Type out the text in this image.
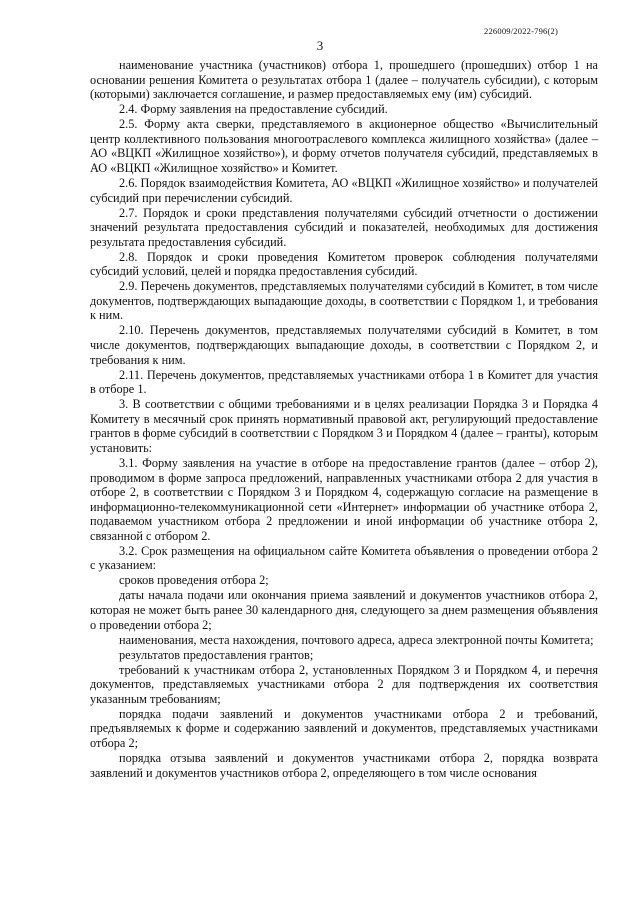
226009/2022-796(2)
3

наименование участника (участников) отбора 1, прошедшего (прошедших) отбор 1 на основании решения Комитета о результатах отбора 1 (далее – получатель субсидии), с которым (которыми) заключается соглашение, и размер предоставляемых ему (им) субсидий.

2.4. Форму заявления на предоставление субсидий.

2.5. Форму акта сверки, представляемого в акционерное общество «Вычислительный центр коллективного пользования многоотраслевого комплекса жилищного хозяйства» (далее – АО «ВЦКП «Жилищное хозяйство»), и форму отчетов получателя субсидий, представляемых в АО «ВЦКП «Жилищное хозяйство» и Комитет.

2.6. Порядок взаимодействия Комитета, АО «ВЦКП «Жилищное хозяйство» и получателей субсидий при перечислении субсидий.

2.7. Порядок и сроки представления получателями субсидий отчетности о достижении значений результата предоставления субсидий и показателей, необходимых для достижения результата предоставления субсидий.

2.8. Порядок и сроки проведения Комитетом проверок соблюдения получателями субсидий условий, целей и порядка предоставления субсидий.

2.9. Перечень документов, представляемых получателями субсидий в Комитет, в том числе документов, подтверждающих выпадающие доходы, в соответствии с Порядком 1, и требования к ним.

2.10. Перечень документов, представляемых получателями субсидий в Комитет, в том числе документов, подтверждающих выпадающие доходы, в соответствии с Порядком 2, и требования к ним.

2.11. Перечень документов, представляемых участниками отбора 1 в Комитет для участия в отборе 1.

3. В соответствии с общими требованиями и в целях реализации Порядка 3 и Порядка 4 Комитету в месячный срок принять нормативный правовой акт, регулирующий предоставление грантов в форме субсидий в соответствии с Порядком 3 и Порядком 4 (далее – гранты), которым установить:

3.1. Форму заявления на участие в отборе на предоставление грантов (далее – отбор 2), проводимом в форме запроса предложений, направленных участниками отбора 2 для участия в отборе 2, в соответствии с Порядком 3 и Порядком 4, содержащую согласие на размещение в информационно-телекоммуникационной сети «Интернет» информации об участнике отбора 2, подаваемом участником отбора 2 предложении и иной информации об участнике отбора 2, связанной с отбором 2.

3.2. Срок размещения на официальном сайте Комитета объявления о проведении отбора 2 с указанием:

сроков проведения отбора 2;

даты начала подачи или окончания приема заявлений и документов участников отбора 2, которая не может быть ранее 30 календарного дня, следующего за днем размещения объявления о проведении отбора 2;

наименования, места нахождения, почтового адреса, адреса электронной почты Комитета;

результатов предоставления грантов;

требований к участникам отбора 2, установленных Порядком 3 и Порядком 4, и перечня документов, представляемых участниками отбора 2 для подтверждения их соответствия указанным требованиям;

порядка подачи заявлений и документов участниками отбора 2 и требований, предъявляемых к форме и содержанию заявлений и документов, представляемых участниками отбора 2;

порядка отзыва заявлений и документов участниками отбора 2, порядка возврата заявлений и документов участников отбора 2, определяющего в том числе основания
